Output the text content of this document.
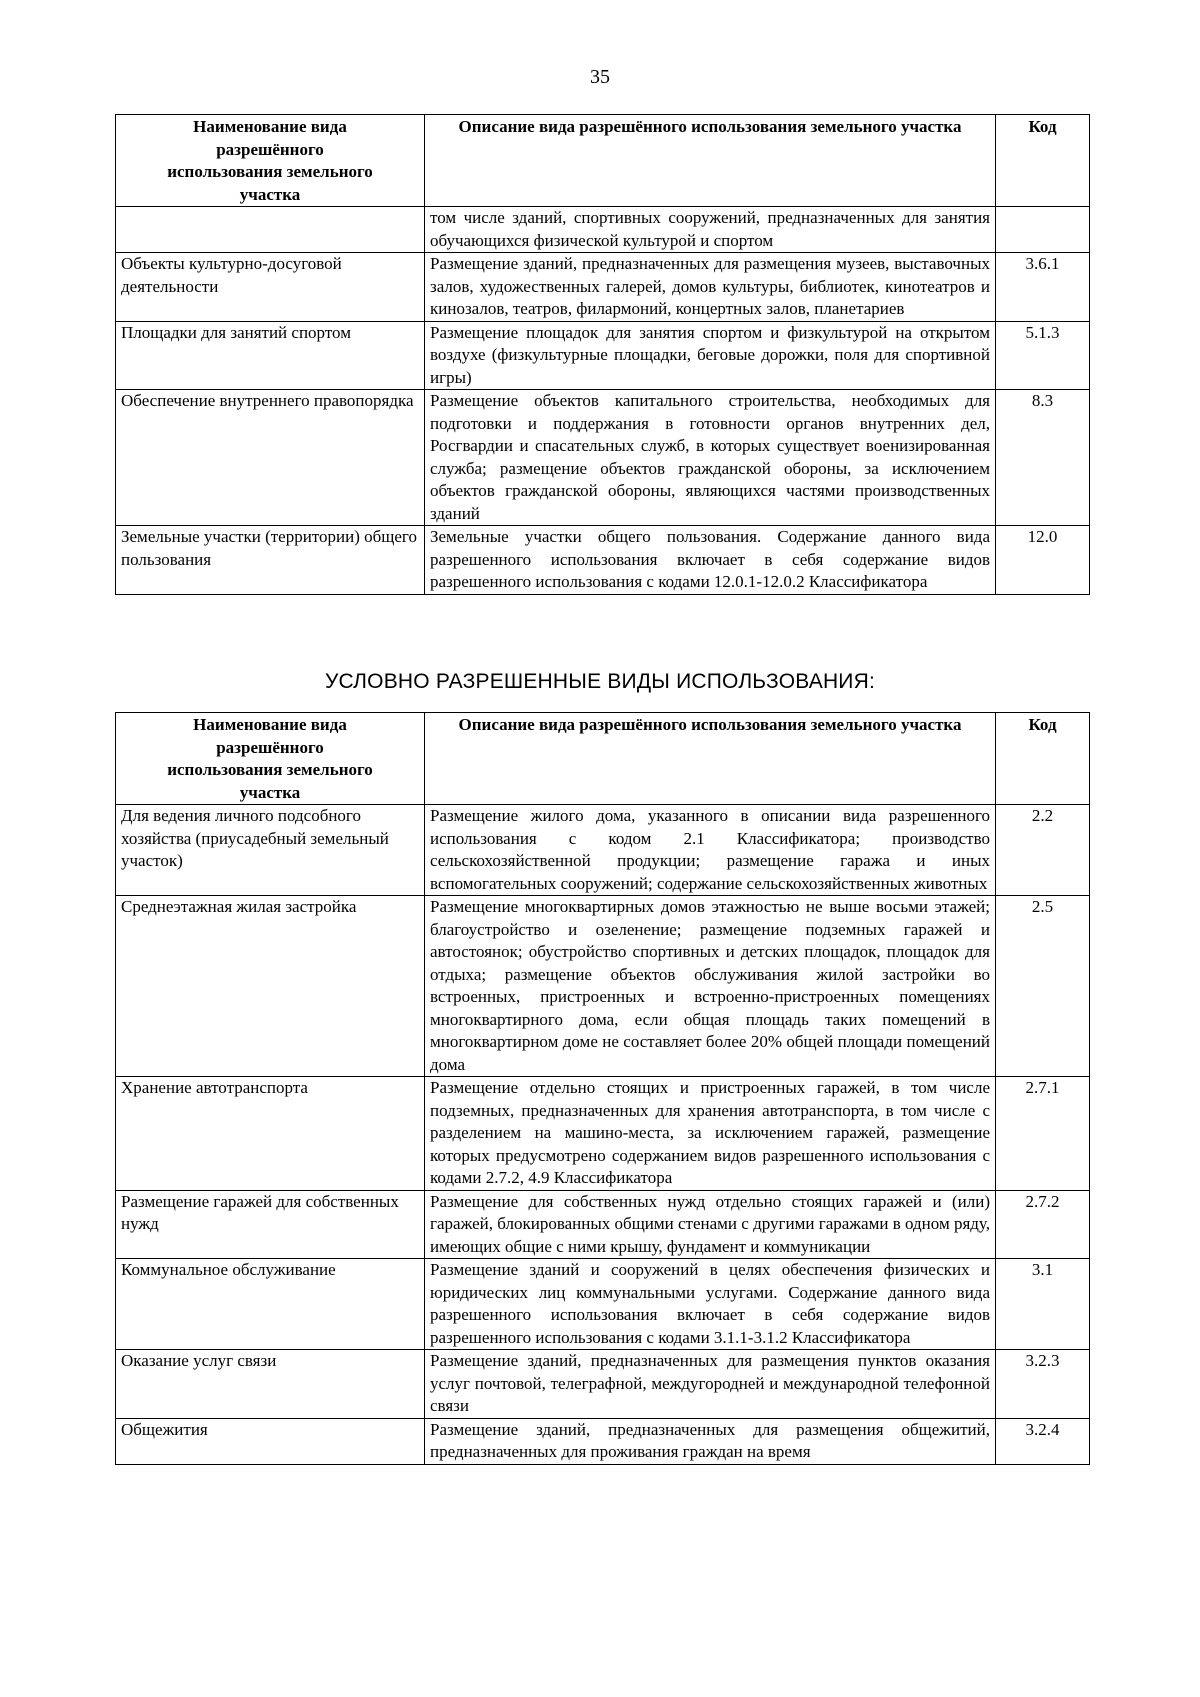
35
Наименование вида разрешённого использования земельного участка	Описание вида разрешённого использования земельного участка	Код
	том числе зданий, спортивных сооружений, предназначенных для занятия обучающихся физической культурой и спортом	
Объекты культурно-досуговой деятельности	Размещение зданий, предназначенных для размещения музеев, выставочных залов, художественных галерей, домов культуры, библиотек, кинотеатров и кинозалов, театров, филармоний, концертных залов, планетариев	3.6.1
Площадки для занятий спортом	Размещение площадок для занятия спортом и физкультурой на открытом воздухе (физкультурные площадки, беговые дорожки, поля для спортивной игры)	5.1.3
Обеспечение внутреннего правопорядка	Размещение объектов капитального строительства, необходимых для подготовки и поддержания в готовности органов внутренних дел, Росгвардии и спасательных служб, в которых существует военизированная служба; размещение объектов гражданской обороны, за исключением объектов гражданской обороны, являющихся частями производственных зданий	8.3
Земельные участки (территории) общего пользования	Земельные участки общего пользования. Содержание данного вида разрешенного использования включает в себя содержание видов разрешенного использования с кодами 12.0.1-12.0.2 Классификатора	12.0
УСЛОВНО РАЗРЕШЕННЫЕ ВИДЫ ИСПОЛЬЗОВАНИЯ:
Наименование вида разрешённого использования земельного участка	Описание вида разрешённого использования земельного участка	Код
Для ведения личного подсобного хозяйства (приусадебный земельный участок)	Размещение жилого дома, указанного в описании вида разрешенного использования с кодом 2.1 Классификатора; производство сельскохозяйственной продукции; размещение гаража и иных вспомогательных сооружений; содержание сельскохозяйственных животных	2.2
Среднеэтажная жилая застройка	Размещение многоквартирных домов этажностью не выше восьми этажей; благоустройство и озеленение; размещение подземных гаражей и автостоянок; обустройство спортивных и детских площадок, площадок для отдыха; размещение объектов обслуживания жилой застройки во встроенных, пристроенных и встроенно-пристроенных помещениях многоквартирного дома, если общая площадь таких помещений в многоквартирном доме не составляет более 20% общей площади помещений дома	2.5
Хранение автотранспорта	Размещение отдельно стоящих и пристроенных гаражей, в том числе подземных, предназначенных для хранения автотранспорта, в том числе с разделением на машино-места, за исключением гаражей, размещение которых предусмотрено содержанием видов разрешенного использования с кодами 2.7.2, 4.9 Классификатора	2.7.1
Размещение гаражей для собственных нужд	Размещение для собственных нужд отдельно стоящих гаражей и (или) гаражей, блокированных общими стенами с другими гаражами в одном ряду, имеющих общие с ними крышу, фундамент и коммуникации	2.7.2
Коммунальное обслуживание	Размещение зданий и сооружений в целях обеспечения физических и юридических лиц коммунальными услугами. Содержание данного вида разрешенного использования включает в себя содержание видов разрешенного использования с кодами 3.1.1-3.1.2 Классификатора	3.1
Оказание услуг связи	Размещение зданий, предназначенных для размещения пунктов оказания услуг почтовой, телеграфной, междугородней и международной телефонной связи	3.2.3
Общежития	Размещение зданий, предназначенных для размещения общежитий, предназначенных для проживания граждан на время	3.2.4
